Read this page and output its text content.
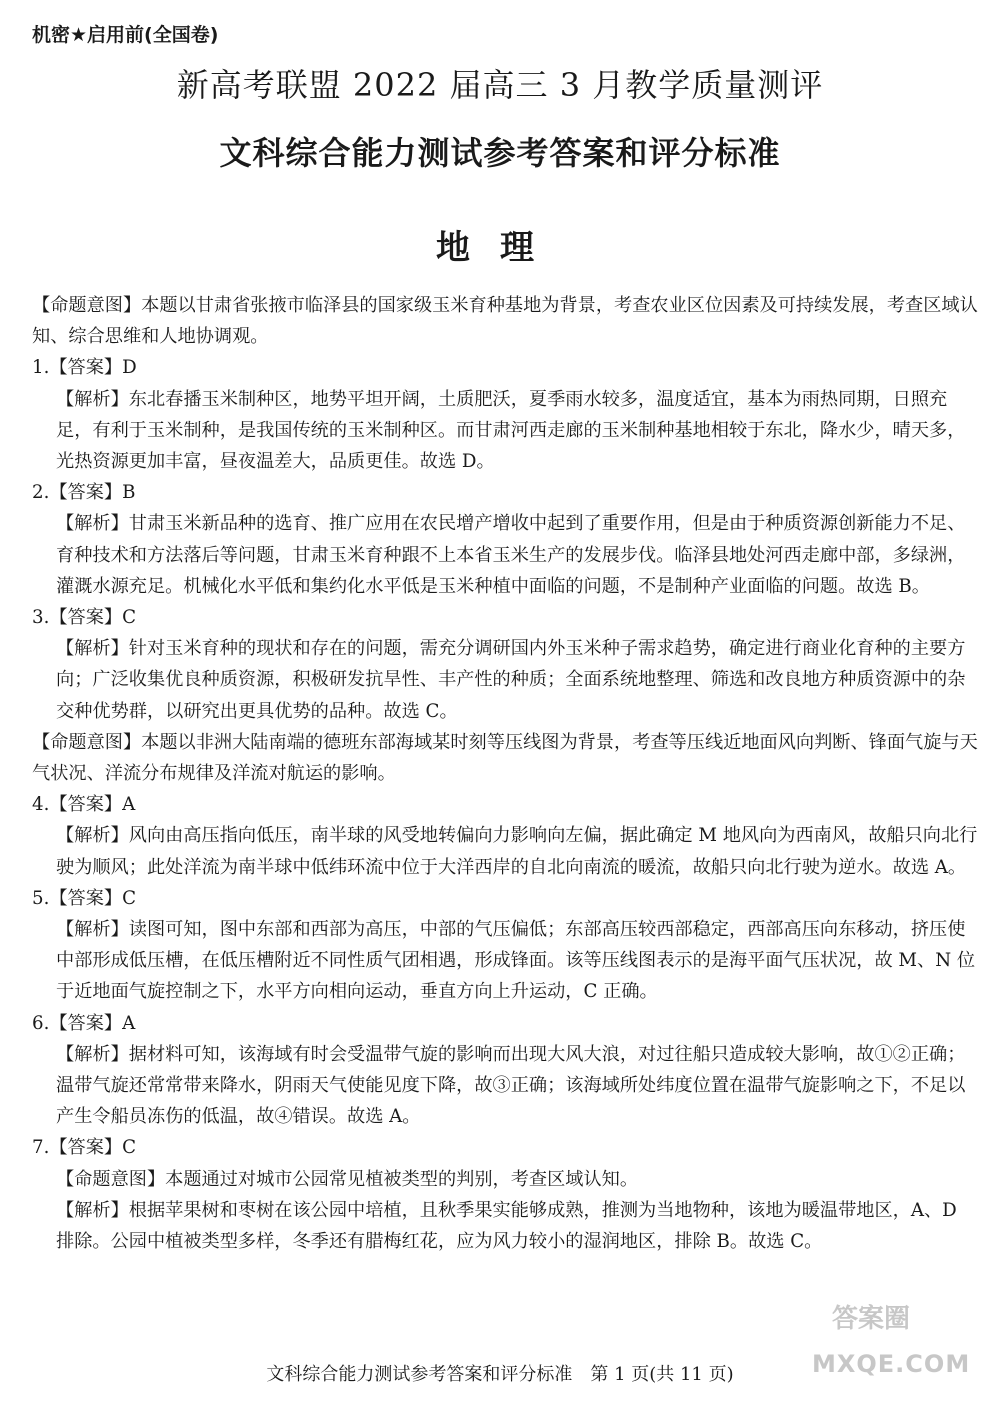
机密★启用前(全国卷)
新高考联盟 2022 届高三 3 月教学质量测评
文科综合能力测试参考答案和评分标准
地理

【命题意图】本题以甘肃省张掖市临泽县的国家级玉米育种基地为背景，考查农业区位因素及可持续发展，考查区域认知、综合思维和人地协调观。

1.【答案】D

【解析】东北春播玉米制种区，地势平坦开阔，土质肥沃，夏季雨水较多，温度适宜，基本为雨热同期，日照充足，有利于玉米制种，是我国传统的玉米制种区。而甘肃河西走廊的玉米制种基地相较于东北，降水少，晴天多，光热资源更加丰富，昼夜温差大，品质更佳。故选 D。

2.【答案】B

【解析】甘肃玉米新品种的选育、推广应用在农民增产增收中起到了重要作用，但是由于种质资源创新能力不足、育种技术和方法落后等问题，甘肃玉米育种跟不上本省玉米生产的发展步伐。临泽县地处河西走廊中部，多绿洲，灌溉水源充足。机械化水平低和集约化水平低是玉米种植中面临的问题，不是制种产业面临的问题。故选 B。

3.【答案】C

【解析】针对玉米育种的现状和存在的问题，需充分调研国内外玉米种子需求趋势，确定进行商业化育种的主要方向；广泛收集优良种质资源，积极研发抗旱性、丰产性的种质；全面系统地整理、筛选和改良地方种质资源中的杂交种优势群，以研究出更具优势的品种。故选 C。

【命题意图】本题以非洲大陆南端的德班东部海域某时刻等压线图为背景，考查等压线近地面风向判断、锋面气旋与天气状况、洋流分布规律及洋流对航运的影响。

4.【答案】A

【解析】风向由高压指向低压，南半球的风受地转偏向力影响向左偏，据此确定 M 地风向为西南风，故船只向北行驶为顺风；此处洋流为南半球中低纬环流中位于大洋西岸的自北向南流的暖流，故船只向北行驶为逆水。故选 A。

5.【答案】C

【解析】读图可知，图中东部和西部为高压，中部的气压偏低；东部高压较西部稳定，西部高压向东移动，挤压使中部形成低压槽，在低压槽附近不同性质气团相遇，形成锋面。该等压线图表示的是海平面气压状况，故 M、N 位于近地面气旋控制之下，水平方向相向运动，垂直方向上升运动，C 正确。

6.【答案】A

【解析】据材料可知，该海域有时会受温带气旋的影响而出现大风大浪，对过往船只造成较大影响，故①②正确；温带气旋还常常带来降水，阴雨天气使能见度下降，故③正确；该海域所处纬度位置在温带气旋影响之下，不足以产生令船员冻伤的低温，故④错误。故选 A。

7.【答案】C

【命题意图】本题通过对城市公园常见植被类型的判别，考查区域认知。

【解析】根据苹果树和枣树在该公园中培植，且秋季果实能够成熟，推测为当地物种，该地为暖温带地区，A、D 排除。公园中植被类型多样，冬季还有腊梅红花，应为风力较小的湿润地区，排除 B。故选 C。

文科综合能力测试参考答案和评分标准　第 1 页(共 11 页)
答案圈
MXQE.COM
